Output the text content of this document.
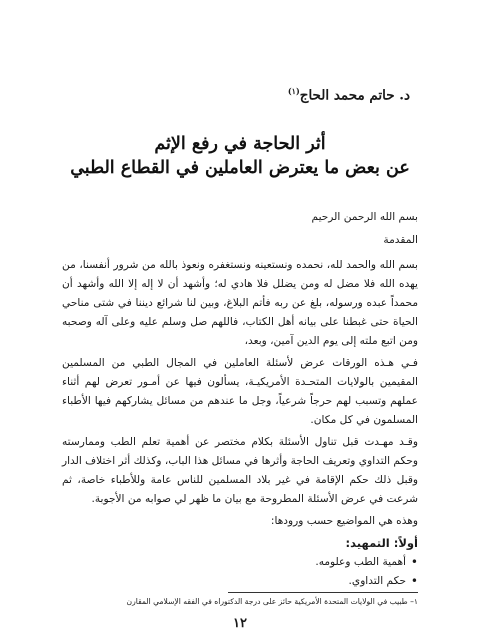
د. حاتم محمد الحاج$^{(١)}$
أثر الحاجة في رفع الإثم
عن بعض ما يعترض العاملين في القطاع الطبي

بسم الله الرحمن الرحيم

المقدمة

بسم الله والحمد لله، نحمده ونستعينه ونستغفره ونعوذ بالله من شرور أنفسنا، من يهده الله فلا مضل له ومن يضلل فلا هادي له؛ وأشهد أن لا إله إلا الله وأشهد أن محمداً عبده ورسوله، بلغ عن ربه فأتم البلاغ، وبين لنا شرائع ديننا في شتى مناحي الحياة حتى غبطنا على بيانه أهل الكتاب، فاللهم صل وسلم عليه وعلى آله وصحبه ومن اتبع ملته إلى يوم الدين آمين، وبعد،

فـي هـذه الورقات عرض لأسئلة العاملين في المجال الطبي من المسلمين المقيمين بالولايات المتحـدة الأمريكيـة، يسألون فيها عن أمـور تعرض لهم أثناء عملهم وتسبب لهم حرجاً شرعياً، وجل ما عندهم من مسائل يشاركهم فيها الأطباء المسلمون في كل مكان.

وقـد مهـدت قبل تناول الأسئلة بكلام مختصر عن أهمية تعلم الطب وممارسته وحكم التداوي وتعريف الحاجة وأثرها في مسائل هذا الباب، وكذلك أثر اختلاف الدار وقبل ذلك حكم الإقامة في غير بلاد المسلمين للناس عامة وللأطباء خاصة، ثم شرعت في عرض الأسئلة المطروحة مع بيان ما ظهر لي صوابه من الأجوبة.

وهذه هي المواضيع حسب ورودها:

أولاً: التمهيد:

• أهمية الطب وعلومه.
• حكم التداوي.
١– طبيب في الولايات المتحدة الأمريكية حائز على درجة الدكتوراه في الفقه الإسلامي المقارن
١٢
